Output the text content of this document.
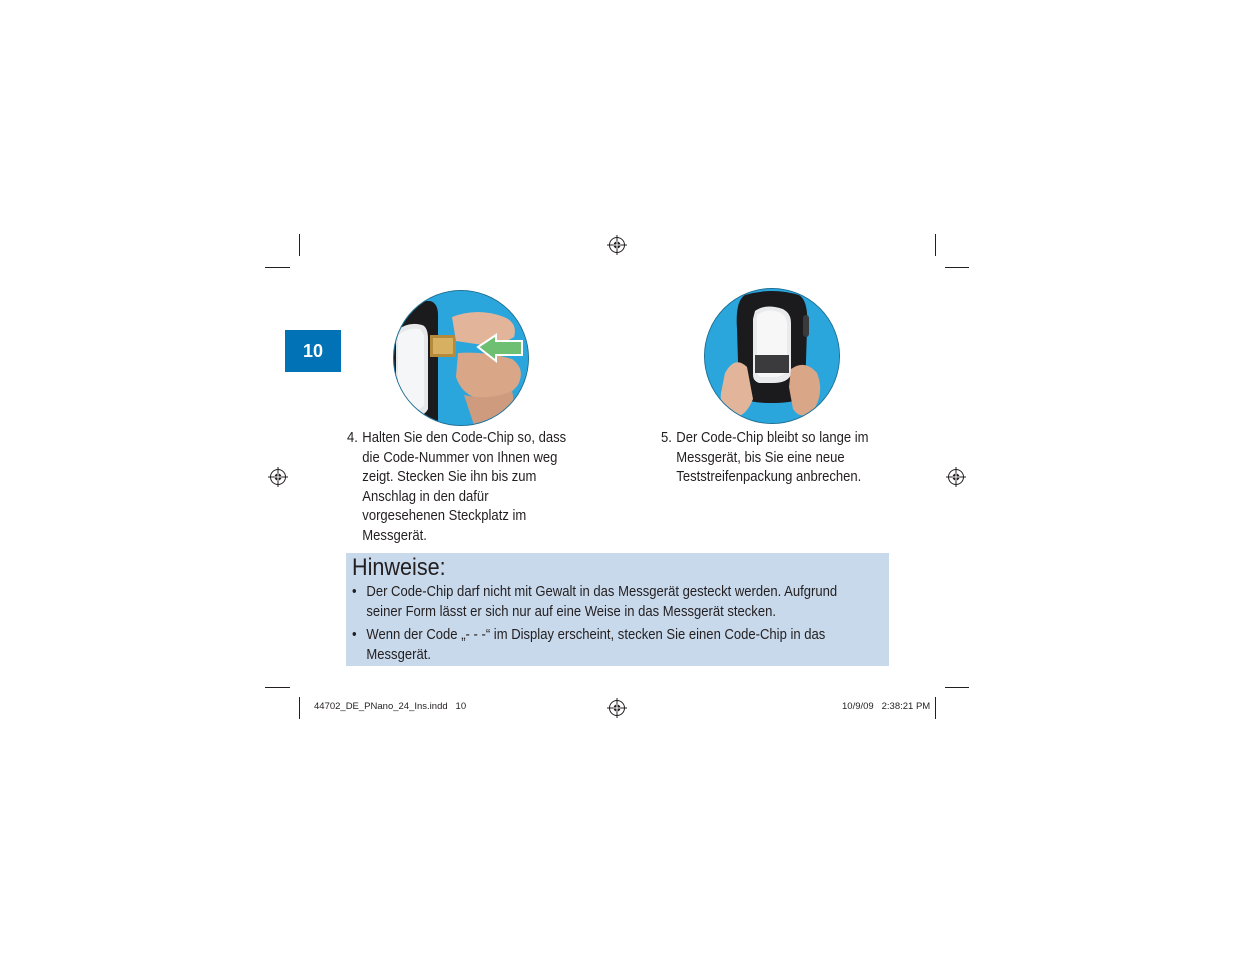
10
4. Halten Sie den Code-Chip so, dass
die Code-Nummer von Ihnen weg
zeigt. Stecken Sie ihn bis zum
Anschlag in den dafür
vorgesehenen Steckplatz im
Messgerät.
5. Der Code-Chip bleibt so lange im
Messgerät, bis Sie eine neue
Teststreifenpackung anbrechen.
Hinweise:
• Der Code-Chip darf nicht mit Gewalt in das Messgerät gesteckt werden. Aufgrund
seiner Form lässt er sich nur auf eine Weise in das Messgerät stecken.
• Wenn der Code „- - -“ im Display erscheint, stecken Sie einen Code-Chip in das
Messgerät.
44702_DE_PNano_24_Ins.indd   10	10/9/09   2:38:21 PM
